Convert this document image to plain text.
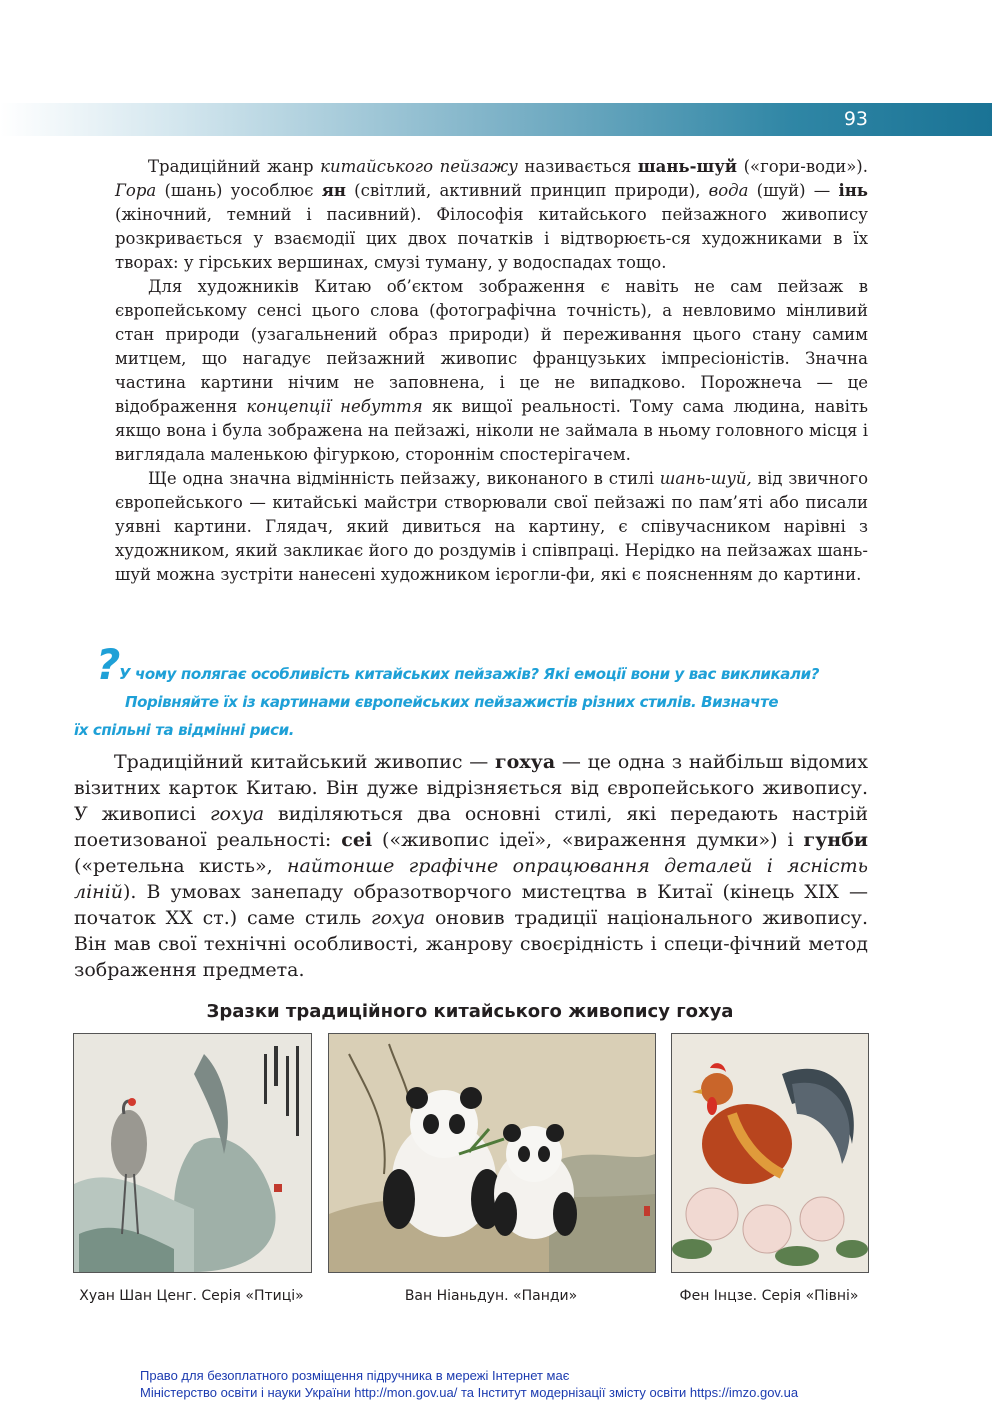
93

Традиційний жанр китайського пейзажу називається шань-шуй («гори-води»). Гора (шань) уособлює ян (світлий, активний принцип природи), вода (шуй) — інь (жіночний, темний і пасивний). Філософія китайського пейзажного живопису розкривається у взаємодії цих двох початків і відтворюєть-ся художниками в їх творах: у гірських вершинах, смузі туману, у водоспадах тощо.

Для художників Китаю об’єктом зображення є навіть не сам пейзаж в європейському сенсі цього слова (фотографічна точність), а невловимо мінливий стан природи (узагальнений образ природи) й переживання цього стану самим митцем, що нагадує пейзажний живопис французьких імпресіоністів. Значна частина картини нічим не заповнена, і це не випадково. Порожнеча — це відображення концепції небуття як вищої реальності. Тому сама людина, навіть якщо вона і була зображена на пейзажі, ніколи не займала в ньому головного місця і виглядала маленькою фігуркою, стороннім спостерігачем.

Ще одна значна відмінність пейзажу, виконаного в стилі шань-шуй, від звичного європейського — китайські майстри створювали свої пейзажі по пам’яті або писали уявні картини. Глядач, який дивиться на картину, є співучасником нарівні з художником, який закликає його до роздумів і співпраці. Нерідко на пейзажах шань-шуй можна зустріти нанесені художником ієрогли-фи, які є поясненням до картини.

? У чому полягає особливість китайських пейзажів? Які емоції вони у вас викликали?
Порівняйте їх із картинами європейських пейзажистів різних стилів. Визначте
їх спільні та відмінні риси.

Традиційний китайський живопис — гохуа — це одна з найбільш відомих візитних карток Китаю. Він дуже відрізняється від європейського живопису. У живописі гохуа виділяються два основні стилі, які передають настрій поетизованої реальності: сеі («живопис ідеї», «вираження думки») і гунби («ретельна кисть», найтонше графічне опрацювання деталей і ясність ліній). В умовах занепаду образотворчого мистецтва в Китаї (кінець XIX — початок XX ст.) саме стиль гохуа оновив традиції національного живопису. Він мав свої технічні особливості, жанрову своєрідність і специ-фічний метод зображення предмета.

Зразки традиційного китайського живопису гохуа
Хуан Шан Ценг. Серія «Птиці»	Ван Ніаньдун. «Панди»	Фен Інцзе. Серія «Півні»
Право для безоплатного розміщення підручника в мережі Інтернет має
Міністерство освіти і науки України http://mon.gov.ua/ та Інститут модернізації змісту освіти https://imzo.gov.ua
